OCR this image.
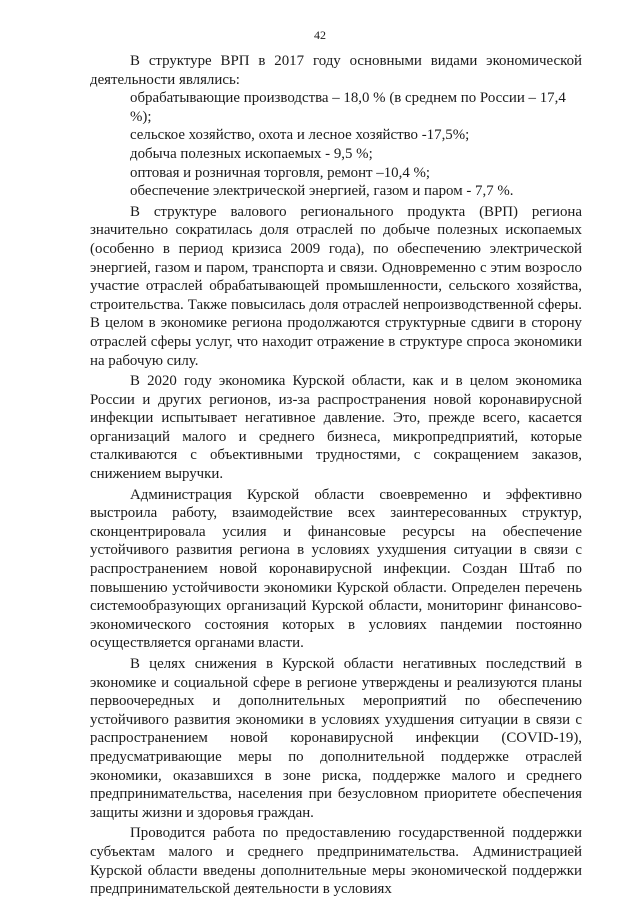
42

В структуре ВРП в 2017 году основными видами экономической деятельности являлись:

обрабатывающие производства – 18,0 % (в среднем по России – 17,4 %);

сельское хозяйство, охота и лесное хозяйство -17,5%;

добыча полезных ископаемых - 9,5 %;

оптовая и розничная торговля, ремонт –10,4 %;

обеспечение электрической энергией, газом и паром - 7,7 %.

В структуре валового регионального продукта (ВРП) региона значительно сократилась доля отраслей по добыче полезных ископаемых (особенно в период кризиса 2009 года), по обеспечению электрической энергией, газом и паром, транспорта и связи. Одновременно с этим возросло участие отраслей обрабатывающей промышленности, сельского хозяйства, строительства. Также повысилась доля отраслей непроизводственной сферы. В целом в экономике региона продолжаются структурные сдвиги в сторону отраслей сферы услуг, что находит отражение в структуре спроса экономики на рабочую силу.

В 2020 году экономика Курской области, как и в целом экономика России и других регионов, из-за распространения новой коронавирусной инфекции испытывает негативное давление. Это, прежде всего, касается организаций малого и среднего бизнеса, микропредприятий, которые сталкиваются с объективными трудностями, с сокращением заказов, снижением выручки.

Администрация Курской области своевременно и эффективно выстроила работу, взаимодействие всех заинтересованных структур, сконцентрировала усилия и финансовые ресурсы на обеспечение устойчивого развития региона в условиях ухудшения ситуации в связи с распространением новой коронавирусной инфекции. Создан Штаб по повышению устойчивости экономики Курской области. Определен перечень системообразующих организаций Курской области, мониторинг финансово-экономического состояния которых в условиях пандемии постоянно осуществляется органами власти.

В целях снижения в Курской области негативных последствий в экономике и социальной сфере в регионе утверждены и реализуются планы первоочередных и дополнительных мероприятий по обеспечению устойчивого развития экономики в условиях ухудшения ситуации в связи с распространением новой коронавирусной инфекции (COVID-19), предусматривающие меры по дополнительной поддержке отраслей экономики, оказавшихся в зоне риска, поддержке малого и среднего предпринимательства, населения при безусловном приоритете обеспечения защиты жизни и здоровья граждан.

Проводится работа по предоставлению государственной поддержки субъектам малого и среднего предпринимательства. Администрацией Курской области введены дополнительные меры экономической поддержки предпринимательской деятельности в условиях
